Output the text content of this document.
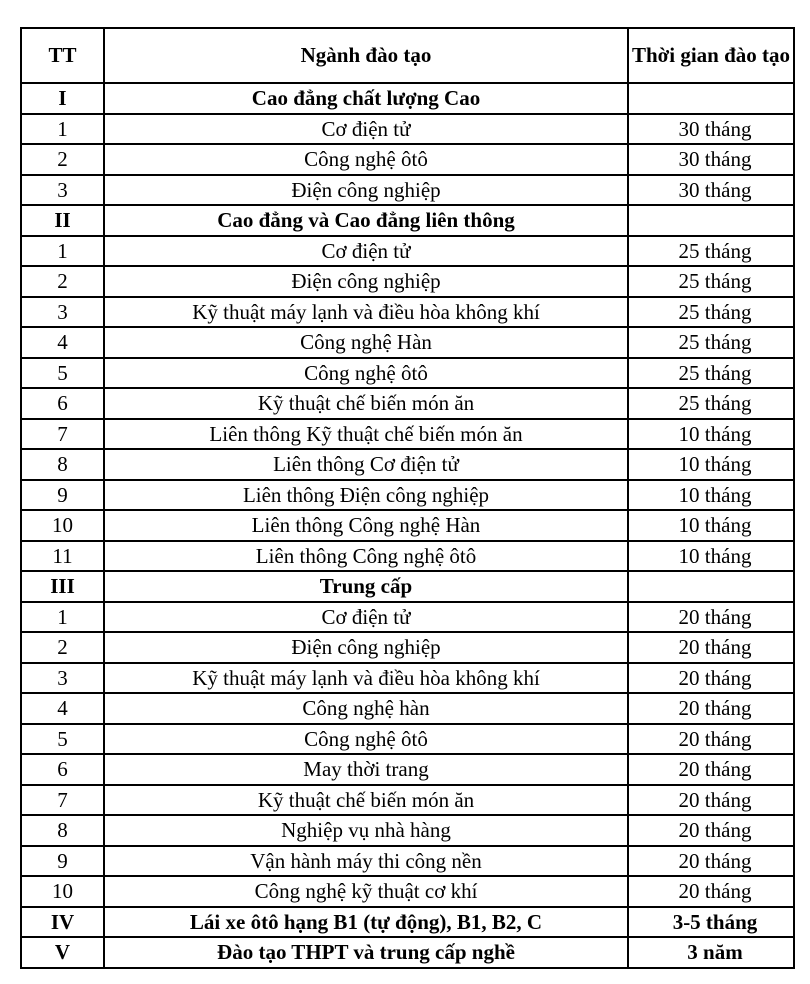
TT	Ngành đào tạo	Thời gian đào tạo
I	Cao đẳng chất lượng Cao	
1	Cơ điện tử	30 tháng
2	Công nghệ ôtô	30 tháng
3	Điện công nghiệp	30 tháng
II	Cao đẳng và Cao đẳng liên thông	
1	Cơ điện tử	25 tháng
2	Điện công nghiệp	25 tháng
3	Kỹ thuật máy lạnh và điều hòa không khí	25 tháng
4	Công nghệ Hàn	25 tháng
5	Công nghệ ôtô	25 tháng
6	Kỹ thuật chế biến món ăn	25 tháng
7	Liên thông Kỹ thuật chế biến món ăn	10 tháng
8	Liên thông Cơ điện tử	10 tháng
9	Liên thông Điện công nghiệp	10 tháng
10	Liên thông Công nghệ Hàn	10 tháng
11	Liên thông Công nghệ ôtô	10 tháng
III	Trung cấp	
1	Cơ điện tử	20 tháng
2	Điện công nghiệp	20 tháng
3	Kỹ thuật máy lạnh và điều hòa không khí	20 tháng
4	Công nghệ hàn	20 tháng
5	Công nghệ ôtô	20 tháng
6	May thời trang	20 tháng
7	Kỹ thuật chế biến món ăn	20 tháng
8	Nghiệp vụ nhà hàng	20 tháng
9	Vận hành máy thi công nền	20 tháng
10	Công nghệ kỹ thuật cơ khí	20 tháng
IV	Lái xe ôtô hạng B1 (tự động), B1, B2, C	3-5 tháng
V	Đào tạo THPT và trung cấp nghề	3 năm
